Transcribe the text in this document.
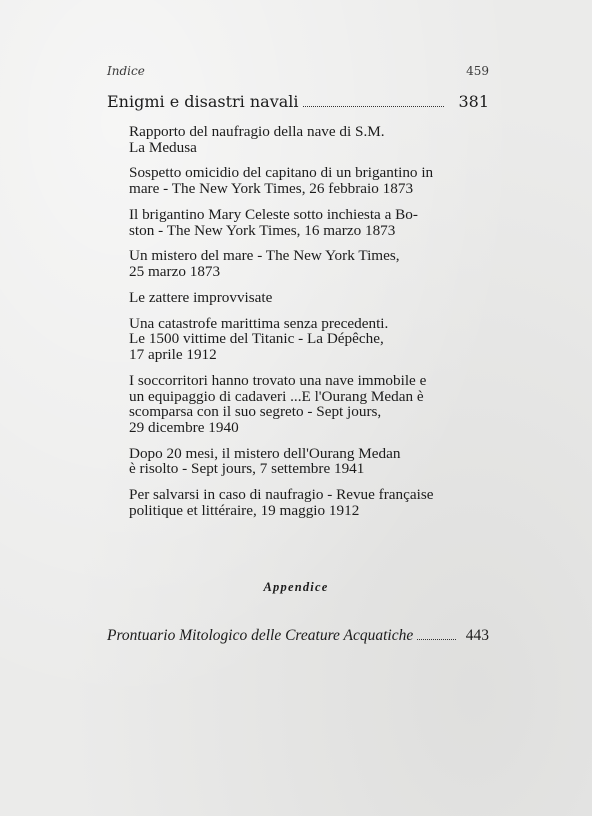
Indice	459
Enigmi e disastri navali	381
Rapporto del naufragio della nave di S.M.
La Medusa
Sospetto omicidio del capitano di un brigantino in
mare - The New York Times, 26 febbraio 1873
Il brigantino Mary Celeste sotto inchiesta a Bo-
ston - The New York Times, 16 marzo 1873
Un mistero del mare - The New York Times,
25 marzo 1873
Le zattere improvvisate
Una catastrofe marittima senza precedenti.
Le 1500 vittime del Titanic - La Dépêche,
17 aprile 1912
I soccorritori hanno trovato una nave immobile e
un equipaggio di cadaveri ...E l'Ourang Medan è
scomparsa con il suo segreto - Sept jours,
29 dicembre 1940
Dopo 20 mesi, il mistero dell'Ourang Medan
è risolto - Sept jours, 7 settembre 1941
Per salvarsi in caso di naufragio - Revue française
politique et littéraire, 19 maggio 1912
Appendice
Prontuario Mitologico delle Creature Acquatiche	443
